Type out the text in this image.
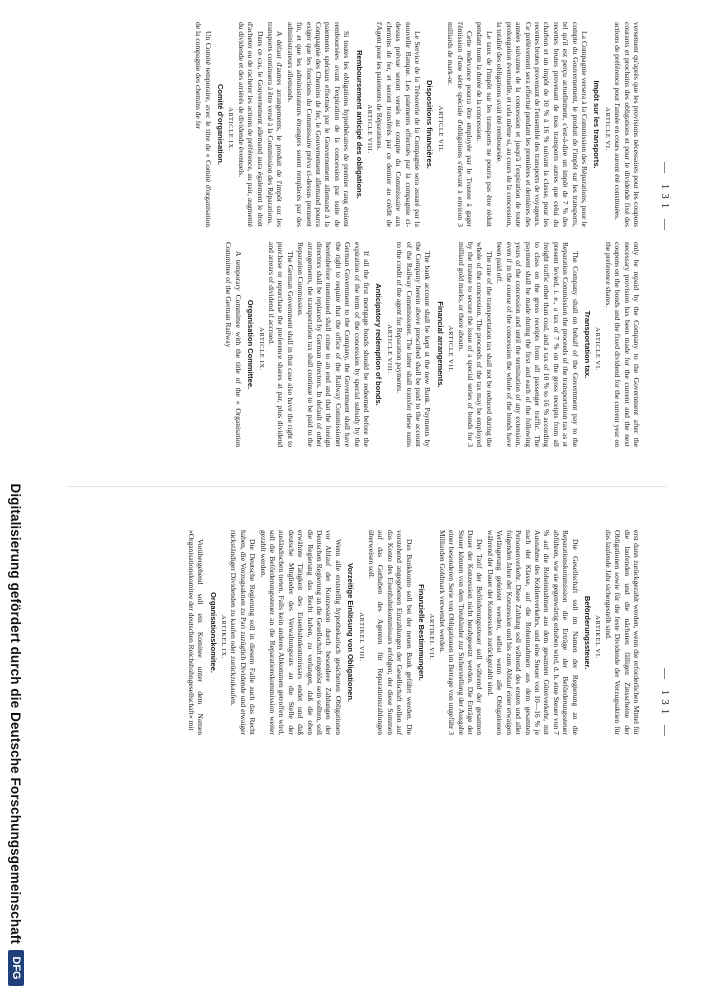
— 131 —
— 131 —

versement qu'après que les provisions nécessaires pour les coupons courants et prochains des obligations et pour le dividende fixé des actions de préférence pour l'année en cours auront été constituées.

ARTICLE VI.

Impôt sur les transports.

La Compagnie versera à la Commission des Réparations, pour le compte du Gouvernement, le produit de l'impôt sur les transports, tel qu'il est perçu actuellement, c'est-à-dire un impôt de 7 % des recettes brutes provenant de tous transports autres que celui du charbon et un impôt de 10 % à 16 % suivant la classe, pour les recettes brutes provenant de l'ensemble des transports de voyageurs. Ce prélèvement sera effectué pendant les premières et dernières des années suivantes de la concession et jusqu'à l'expiration de toute prolongation éventuelle, et cela même si, au cours de la concession, la totalité des obligations avait été remboursée.

Le taux de l'impôt sur les transports ne pourra pas être réduit pendant toute la durée de la concession.

Cette redevance pourra être employée par le Trustee à gager l'émission d'une série spéciale d'obligations s'élevant à environ 3 milliards de mark-or.

ARTICLE VII.

Dispositions financières.

Le Service de la Trésorerie de la Compagnie sera assuré par la nouvelle Banque. Les paiements effectués par la compagnie ci-dessus prévue seront versés au compte du Commissaire aux chemins de fer, et seront transférés par ce dernier au crédit de l'Agent pour les paiements de Réparations.

ARTICLE VIII.

Remboursement anticipé des obligations.

Si toutes les obligations hypothécaires de premier rang étaient remboursées avant l'expiration de la concession par suite de paiements spéciaux effectués par le Gouvernement allemand à la Compagnie des Chemins de fer, le Gouvernement allemand pourra exiger que les fonctions du Commissaire prévu ci-dessus prennent fin, et que les administrateurs étrangers soient remplacés par des administrateurs allemands.

A défaut d'autres arrangements, le produit de l'impôt sur les transports continuera à être versé à la Commission des Réparations.

Dans ce cas, le Gouvernement allemand aura également le droit d'acheter ou de racheter les actions de préférence, au pair, augmenté du dividende et des arriérés de dividende éventuels.

ARTICLE IX.

Comité d'organisation.

Un Comité temporaire, avec le titre de « Comité d'organisation de la compagnie des chemins de fer

only be repaid by the Company to the Government after the necessary provision has been made for the current and the next coupons on the bonds and the fixed dividend for the current year on the preference shares.

ARTICLE VI.

Transportation tax.

The Company shall on behalf of the Government pay to the Reparation Commission the proceeds of the transportation tax as at present levied, i. e., a tax of 7 % on the gross receipts from all freight traffic other than coal, and a tax of 10 % to 16 % according to class on the gross receipts from all passenger traffic. The payment shall be made during the first and each of the following years of the concession and until the termination of any extension, even if in the course of the concession the whole of the bonds have been paid off.

The rate of the transportation tax shall not be reduced during the whole of the concession. The proceeds of the tax may be employed by the trustee to secure the issue of a special series of bonds for 3 milliard gold marks, or there abouts.

ARTICLE VII.

Financial arrangements.

The bank account shall be kept at the new Bank. Payments by the Company herein above prescribed shall be paid to the account of the Railway Commissioner. The latter shall transfer these sums to the credit of the agent for Reparation payments.

ARTICLE VIII.

Anticipatory redemption of bonds.

If all the first mortgage bonds should be redeemed before the expiration of the term of the concession by special subsidy by the German Government to the Company, the Government shall have the right to require that the office of the Railway Commissioner hereinbefore mentioned shall come to an end and that the foreign directors shall be replaced by German directors. In default of other arrangements, the transportation tax shall continue to be paid to the Reparation Commission.

The German Government shall in that case also have the right to purchase or repurchase the preference shares at par, plus dividend and arrears of dividend if accrued.

ARTICLE IX.

Organisation Committee.

A temporary Committee with the title of the « Organisation Committee of the German Railway

erst dann zurückgezahlt werden, wenn die erforderlichen Mittel für die laufenden und die nächsten fälligen Zinsscheine der Obligationen sowie für die feste Dividende der Vorzugsaktien für das laufende Jahr sichergestellt sind.

ARTIKEL VI.

Beförderungssteuer.

Die Gesellschaft soll im Namen der Regierung an die Reparationskommission die Erträge der Beförderungssteuer abführen, wie sie gegenwärtig erhoben wird, d. h. eine Steuer von 7 % auf die Roheinnahmen aus dem gesamten Güterverkehr, mit Ausnahme des Kohlenverkehrs, und eine Steuer von 10—16 % je nach der Klasse, auf die Roheinnahmen aus dem gesamten Personenverkehr. Diese Zahlung soll während des ersten und aller folgenden Jahre der Konzession und bis zum Ablauf einer etwaigen Verlängerung geleistet werden, selbst wenn alle Obligationen während der Dauer der Konzession zurückgezahlt sind.

Der Tarif der Beförderungssteuer soll während der gesamten Dauer der Konzession nicht herabgesetzt werden. Die Erträge der Steuer können von dem Treuhänder zur Sicherstellung der Ausgabe einer besonderen Serie von Obligationen im Betrage von ungefähr 3 Milliarden Goldmark verwendet werden.

ARTIKEL VII.

Finanzielle Bestimmungen.

Das Bankkonto soll bei der neuen Bank geführt werden. Die vorstehend angegebenen Einzahlungen der Gesellschaft sollen auf das Konto des Eisenbahnkommissars erfolgen; der diese Summen auf das Guthaben des Agenten für Reparationszahlungen überweisen soll.

ARTIKEL VIII.

Vorzeitige Einlösung von Obligationen.

Wenn alle erststellig hypothekarisch gesicherten Obligationen vor Ablauf der Konzession durch besondere Zahlungen der Deutschen Regierung an die Gesellschaft eingelöst sein sollten, soll die Regierung das Recht haben, zu verlangen, daß die oben erwähnte Tätigkeit des Eisenbahnkommissars endet und daß deutsche Mitglieder des Verwaltungsrats an die Stelle der ausländischen treten. Falls kein anderes Abkommen getroffen wird, soll die Beförderungssteuer an die Reparationskommission weiter gezahlt werden.

Die Deutsche Regierung soll in diesem Falle auch das Recht haben, die Vorzugsaktien zu Pari zuzüglich Dividende und etwaiger rückständiger Dividenden zu kaufen oder zurückzukaufen.

ARTIKEL IX.

Organisationskomitee.

Vorübergehend soll ein Komitee unter dem Namen »Organisationskomitee der deutschen Reichsbahngesellschaft« mit

Digitalisierung gefördert durch die Deutsche Forschungsgemeinschaft
DFG
